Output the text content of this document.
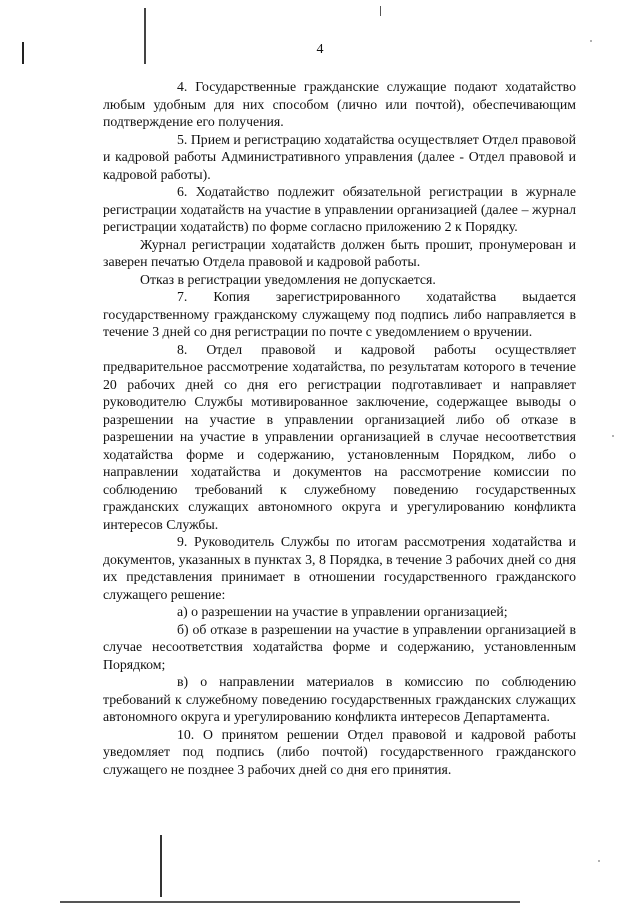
4

4. Государственные гражданские служащие подают ходатайство любым удобным для них способом (лично или почтой), обеспечивающим подтверждение его получения.

5. Прием и регистрацию ходатайства осуществляет Отдел правовой и кадровой работы Административного управления (далее - Отдел правовой и кадровой работы).

6. Ходатайство подлежит обязательной регистрации в журнале регистрации ходатайств на участие в управлении организацией (далее – журнал регистрации ходатайств) по форме согласно приложению 2 к Порядку.

Журнал регистрации ходатайств должен быть прошит, пронумерован и заверен печатью Отдела правовой и кадровой работы.

Отказ в регистрации уведомления не допускается.

7. Копия зарегистрированного ходатайства выдается государственному гражданскому служащему под подпись либо направляется в течение 3 дней со дня регистрации по почте с уведомлением о вручении.

8. Отдел правовой и кадровой работы осуществляет предварительное рассмотрение ходатайства, по результатам которого в течение 20 рабочих дней со дня его регистрации подготавливает и направляет руководителю Службы мотивированное заключение, содержащее выводы о разрешении на участие в управлении организацией либо об отказе в разрешении на участие в управлении организацией в случае несоответствия ходатайства форме и содержанию, установленным Порядком, либо о направлении ходатайства и документов на рассмотрение комиссии по соблюдению требований к служебному поведению государственных гражданских служащих автономного округа и урегулированию конфликта интересов Службы.

9. Руководитель Службы по итогам рассмотрения ходатайства и документов, указанных в пунктах 3, 8 Порядка, в течение 3 рабочих дней со дня их представления принимает в отношении государственного гражданского служащего решение:

а) о разрешении на участие в управлении организацией;

б) об отказе в разрешении на участие в управлении организацией в случае несоответствия ходатайства форме и содержанию, установленным Порядком;

в) о направлении материалов в комиссию по соблюдению требований к служебному поведению государственных гражданских служащих автономного округа и урегулированию конфликта интересов Департамента.

10. О принятом решении Отдел правовой и кадровой работы уведомляет под подпись (либо почтой) государственного гражданского служащего не позднее 3 рабочих дней со дня его принятия.
